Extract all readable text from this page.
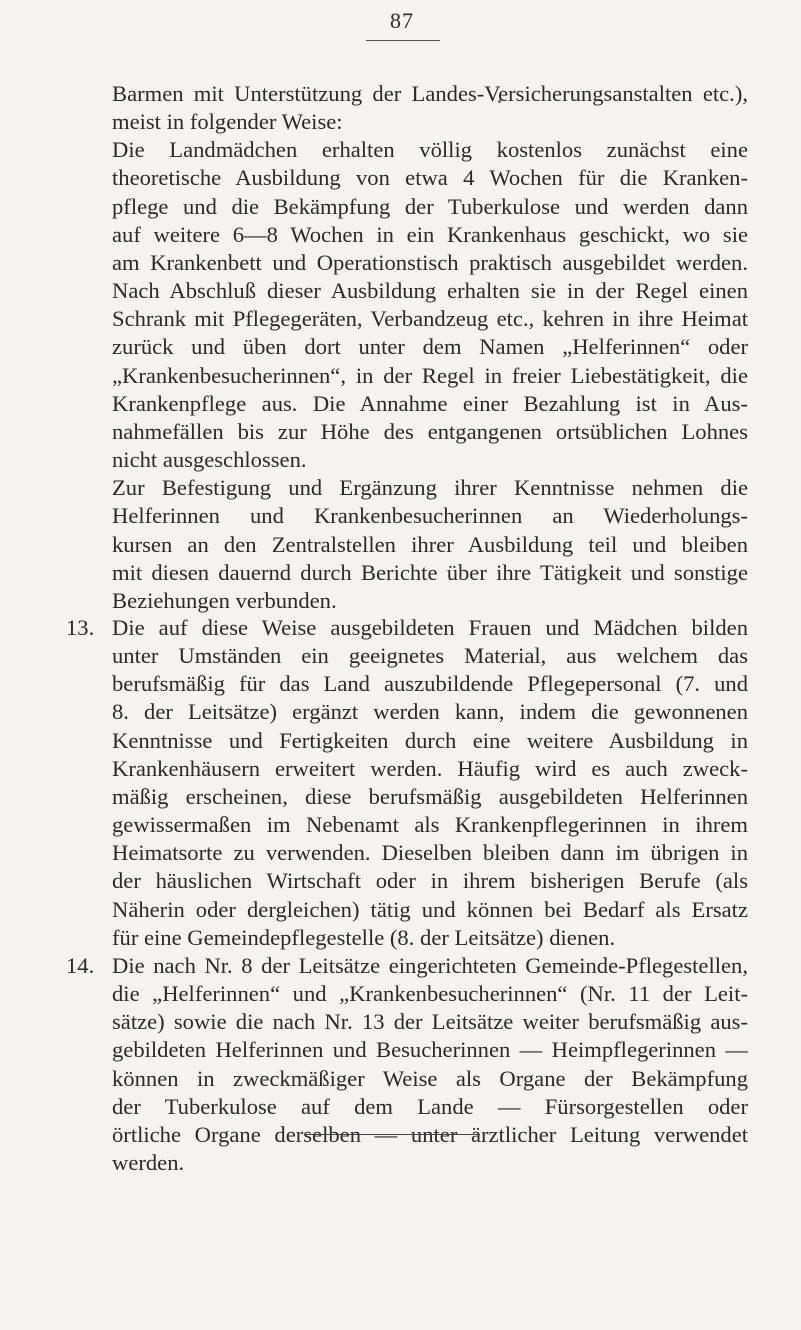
87
Barmen mit Unterstützung der Landes-Versicherungsanstalten etc.),
meist in folgender Weise:
Die Landmädchen erhalten völlig kostenlos zunächst eine
theoretische Ausbildung von etwa 4 Wochen für die Kranken-
pflege und die Bekämpfung der Tuberkulose und werden dann
auf weitere 6—8 Wochen in ein Krankenhaus geschickt, wo sie
am Krankenbett und Operationstisch praktisch ausgebildet werden.
Nach Abschluß dieser Ausbildung erhalten sie in der Regel einen
Schrank mit Pflegegeräten, Verbandzeug etc., kehren in ihre Heimat
zurück und üben dort unter dem Namen „Helferinnen“ oder
„Krankenbesucherinnen“, in der Regel in freier Liebestätigkeit, die
Krankenpflege aus. Die Annahme einer Bezahlung ist in Aus-
nahmefällen bis zur Höhe des entgangenen ortsüblichen Lohnes
nicht ausgeschlossen.
Zur Befestigung und Ergänzung ihrer Kenntnisse nehmen die
Helferinnen und Krankenbesucherinnen an Wiederholungs-
kursen an den Zentralstellen ihrer Ausbildung teil und bleiben
mit diesen dauernd durch Berichte über ihre Tätigkeit und sonstige
Beziehungen verbunden.
13. Die auf diese Weise ausgebildeten Frauen und Mädchen bilden
unter Umständen ein geeignetes Material, aus welchem das
berufsmäßig für das Land auszubildende Pflegepersonal (7. und
8. der Leitsätze) ergänzt werden kann, indem die gewonnenen
Kenntnisse und Fertigkeiten durch eine weitere Ausbildung in
Krankenhäusern erweitert werden. Häufig wird es auch zweck-
mäßig erscheinen, diese berufsmäßig ausgebildeten Helferinnen
gewissermaßen im Nebenamt als Krankenpflegerinnen in ihrem
Heimatsorte zu verwenden. Dieselben bleiben dann im übrigen in
der häuslichen Wirtschaft oder in ihrem bisherigen Berufe (als
Näherin oder dergleichen) tätig und können bei Bedarf als Ersatz
für eine Gemeindepflegestelle (8. der Leitsätze) dienen.
14. Die nach Nr. 8 der Leitsätze eingerichteten Gemeinde-Pflegestellen,
die „Helferinnen“ und „Krankenbesucherinnen“ (Nr. 11 der Leit-
sätze) sowie die nach Nr. 13 der Leitsätze weiter berufsmäßig aus-
gebildeten Helferinnen und Besucherinnen — Heimpflegerinnen —
können in zweckmäßiger Weise als Organe der Bekämpfung
der Tuberkulose auf dem Lande — Fürsorgestellen oder
örtliche Organe derselben — unter ärztlicher Leitung verwendet
werden.
